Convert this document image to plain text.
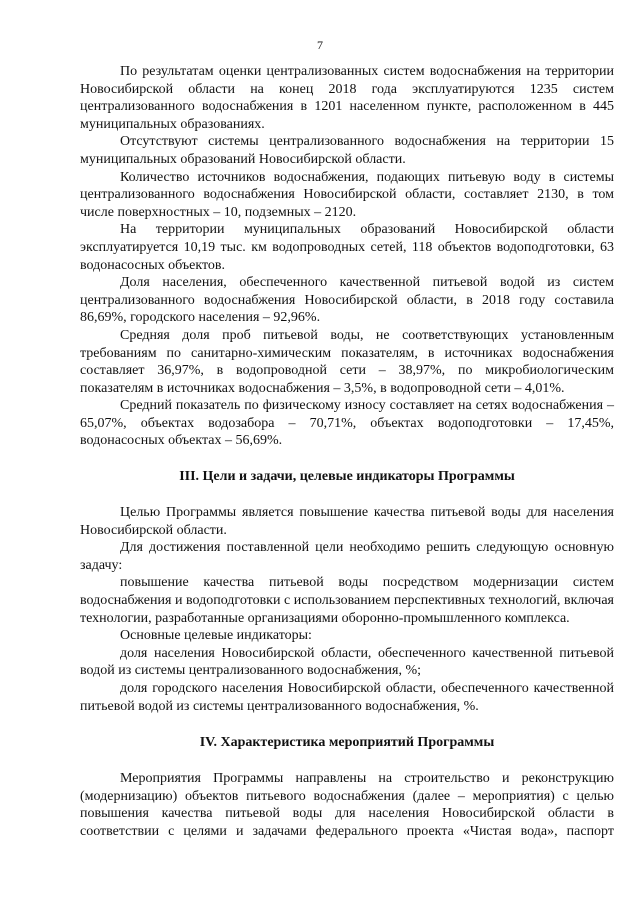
7

По результатам оценки централизованных систем водоснабжения на территории Новосибирской области на конец 2018 года эксплуатируются 1235 систем централизованного водоснабжения в 1201 населенном пункте, расположенном в 445 муниципальных образованиях.

Отсутствуют системы централизованного водоснабжения на территории 15 муниципальных образований Новосибирской области.

Количество источников водоснабжения, подающих питьевую воду в системы централизованного водоснабжения Новосибирской области, составляет 2130, в том числе поверхностных – 10, подземных – 2120.

На территории муниципальных образований Новосибирской области эксплуатируется 10,19 тыс. км водопроводных сетей, 118 объектов водоподготовки, 63 водонасосных объектов.

Доля населения, обеспеченного качественной питьевой водой из систем централизованного водоснабжения Новосибирской области, в 2018 году составила 86,69%, городского населения – 92,96%.

Средняя доля проб питьевой воды, не соответствующих установленным требованиям по санитарно-химическим показателям, в источниках водоснабжения составляет 36,97%, в водопроводной сети – 38,97%, по микробиологическим показателям в источниках водоснабжения – 3,5%, в водопроводной сети – 4,01%.

Средний показатель по физическому износу составляет на сетях водоснабжения – 65,07%, объектах водозабора – 70,71%, объектах водоподготовки – 17,45%, водонасосных объектах – 56,69%.

III. Цели и задачи, целевые индикаторы Программы

Целью Программы является повышение качества питьевой воды для населения Новосибирской области.

Для достижения поставленной цели необходимо решить следующую основную задачу:

повышение качества питьевой воды посредством модернизации систем водоснабжения и водоподготовки с использованием перспективных технологий, включая технологии, разработанные организациями оборонно-промышленного комплекса.

Основные целевые индикаторы:

доля населения Новосибирской области, обеспеченного качественной питьевой водой из системы централизованного водоснабжения, %;

доля городского населения Новосибирской области, обеспеченного качественной питьевой водой из системы централизованного водоснабжения, %.

IV. Характеристика мероприятий Программы

Мероприятия Программы направлены на строительство и реконструкцию (модернизацию) объектов питьевого водоснабжения (далее – мероприятия) с целью повышения качества питьевой воды для населения Новосибирской области в соответствии с целями и задачами федерального проекта «Чистая вода», паспорт
